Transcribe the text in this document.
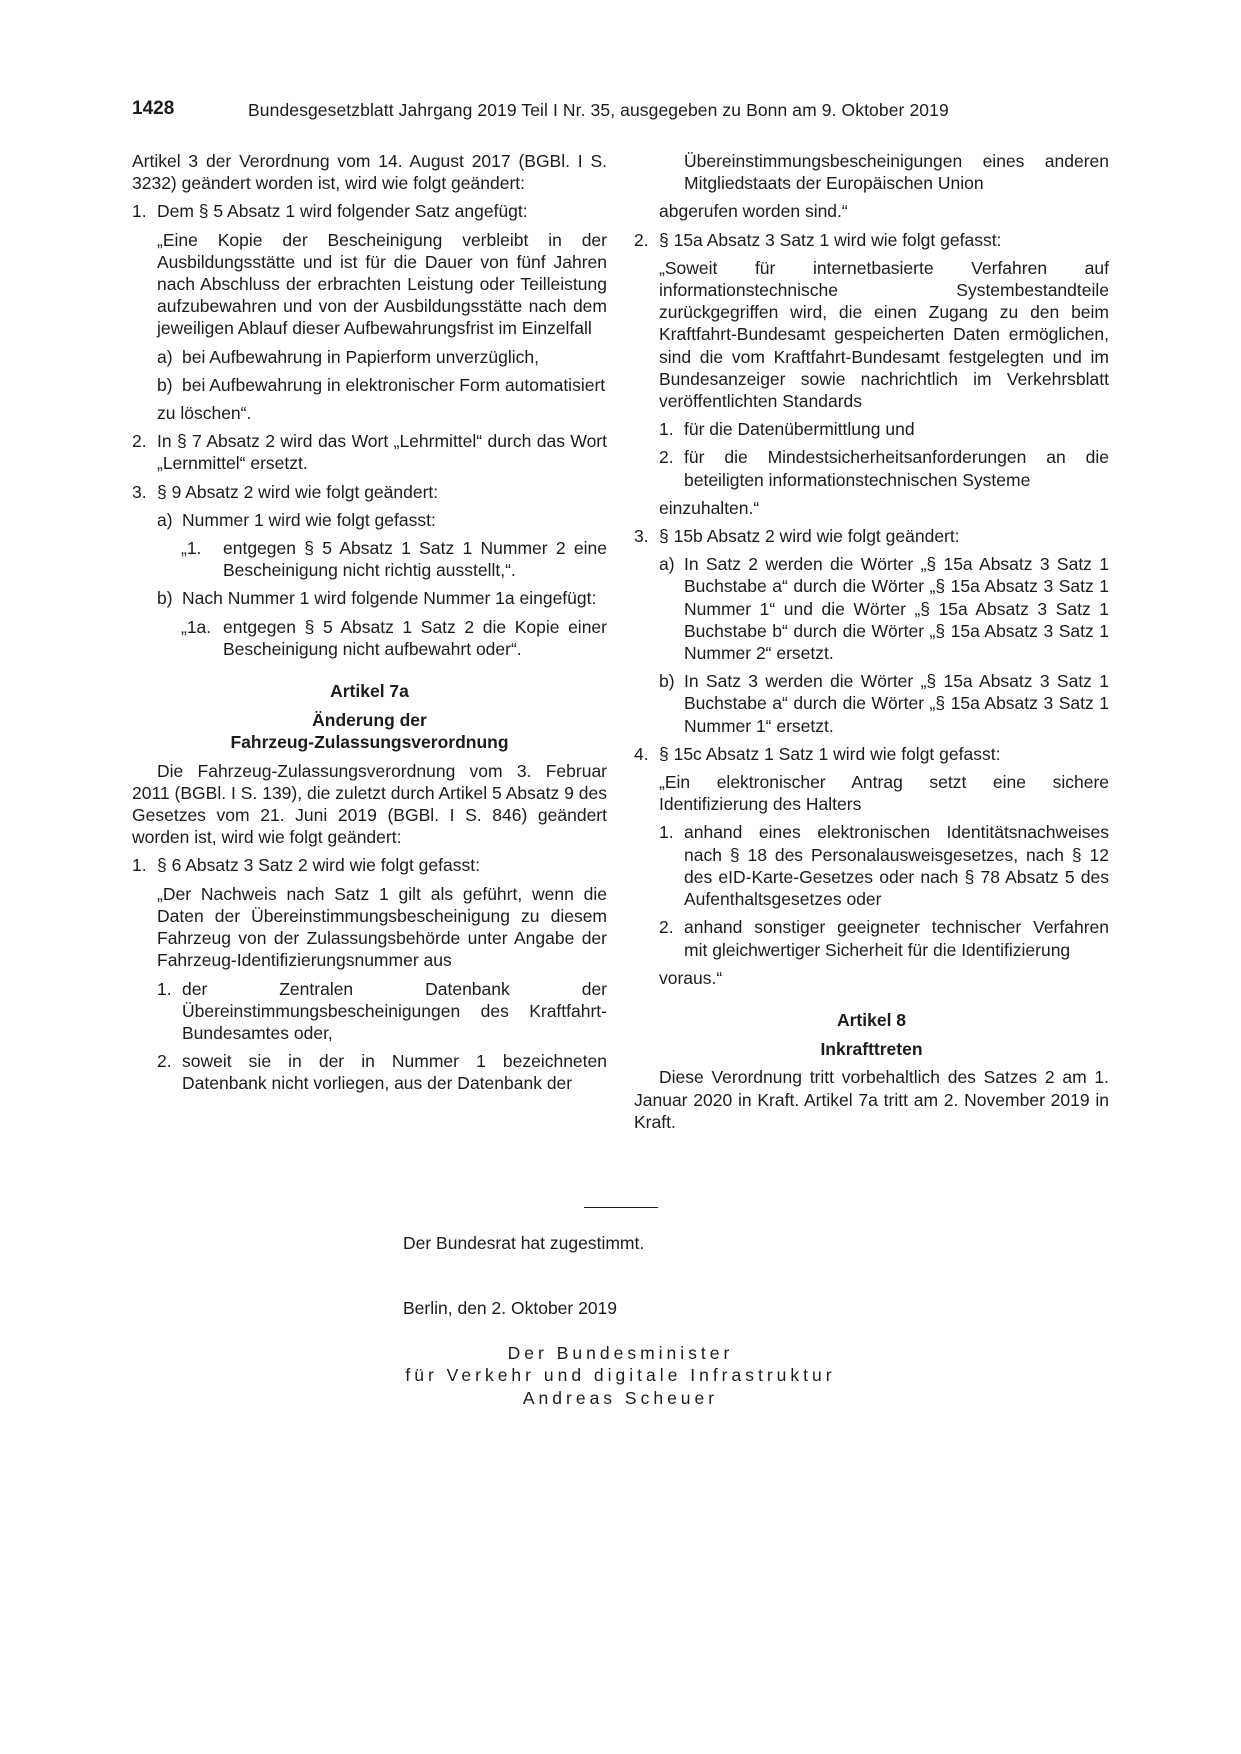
1428	Bundesgesetzblatt Jahrgang 2019 Teil I Nr. 35, ausgegeben zu Bonn am 9. Oktober 2019

Artikel 3 der Verordnung vom 14. August 2017 (BGBl. I S. 3232) geändert worden ist, wird wie folgt geändert:

1. Dem § 5 Absatz 1 wird folgender Satz angefügt:

„Eine Kopie der Bescheinigung verbleibt in der Ausbildungsstätte und ist für die Dauer von fünf Jahren nach Abschluss der erbrachten Leistung oder Teilleistung aufzubewahren und von der Ausbildungsstätte nach dem jeweiligen Ablauf dieser Aufbewahrungsfrist im Einzelfall

a) bei Aufbewahrung in Papierform unverzüglich,
b) bei Aufbewahrung in elektronischer Form automatisiert

zu löschen“.

2. In § 7 Absatz 2 wird das Wort „Lehrmittel“ durch das Wort „Lernmittel“ ersetzt.
3. § 9 Absatz 2 wird wie folgt geändert:
a) Nummer 1 wird wie folgt gefasst:
„1.	entgegen § 5 Absatz 1 Satz 1 Nummer 2 eine Bescheinigung nicht richtig ausstellt,“.
b) Nach Nummer 1 wird folgende Nummer 1a eingefügt:
„1a. entgegen § 5 Absatz 1 Satz 2 die Kopie einer Bescheinigung nicht aufbewahrt oder“.

Artikel 7a

Änderung der

Fahrzeug-Zulassungsverordnung

Die Fahrzeug-Zulassungsverordnung vom 3. Februar 2011 (BGBl. I S. 139), die zuletzt durch Artikel 5 Absatz 9 des Gesetzes vom 21. Juni 2019 (BGBl. I S. 846) geändert worden ist, wird wie folgt geändert:

1. § 6 Absatz 3 Satz 2 wird wie folgt gefasst:

„Der Nachweis nach Satz 1 gilt als geführt, wenn die Daten der Übereinstimmungsbescheinigung zu diesem Fahrzeug von der Zulassungsbehörde unter Angabe der Fahrzeug-Identifizierungsnummer aus

1. der Zentralen Datenbank der Übereinstimmungsbescheinigungen des Kraftfahrt-Bundesamtes oder,
2. soweit sie in der in Nummer 1 bezeichneten Datenbank nicht vorliegen, aus der Datenbank der

Übereinstimmungsbescheinigungen eines anderen Mitgliedstaats der Europäischen Union

abgerufen worden sind.“

2. § 15a Absatz 3 Satz 1 wird wie folgt gefasst:

„Soweit für internetbasierte Verfahren auf informationstechnische Systembestandteile zurückgegriffen wird, die einen Zugang zu den beim Kraftfahrt-Bundesamt gespeicherten Daten ermöglichen, sind die vom Kraftfahrt-Bundesamt festgelegten und im Bundesanzeiger sowie nachrichtlich im Verkehrsblatt veröffentlichten Standards

1. für die Datenübermittlung und
2. für die Mindestsicherheitsanforderungen an die beteiligten informationstechnischen Systeme

einzuhalten.“

3. § 15b Absatz 2 wird wie folgt geändert:
a) In Satz 2 werden die Wörter „§ 15a Absatz 3 Satz 1 Buchstabe a“ durch die Wörter „§ 15a Absatz 3 Satz 1 Nummer 1“ und die Wörter „§ 15a Absatz 3 Satz 1 Buchstabe b“ durch die Wörter „§ 15a Absatz 3 Satz 1 Nummer 2“ ersetzt.
b) In Satz 3 werden die Wörter „§ 15a Absatz 3 Satz 1 Buchstabe a“ durch die Wörter „§ 15a Absatz 3 Satz 1 Nummer 1“ ersetzt.
4. § 15c Absatz 1 Satz 1 wird wie folgt gefasst:

„Ein elektronischer Antrag setzt eine sichere Identifizierung des Halters

1. anhand eines elektronischen Identitätsnachweises nach § 18 des Personalausweisgesetzes, nach § 12 des eID-Karte-Gesetzes oder nach § 78 Absatz 5 des Aufenthaltsgesetzes oder
2. anhand sonstiger geeigneter technischer Verfahren mit gleichwertiger Sicherheit für die Identifizierung

voraus.“

Artikel 8

Inkrafttreten

Diese Verordnung tritt vorbehaltlich des Satzes 2 am 1. Januar 2020 in Kraft. Artikel 7a tritt am 2. November 2019 in Kraft.

Der Bundesrat hat zugestimmt.
Berlin, den 2. Oktober 2019
Der Bundesminister
für Verkehr und digitale Infrastruktur
Andreas Scheuer
